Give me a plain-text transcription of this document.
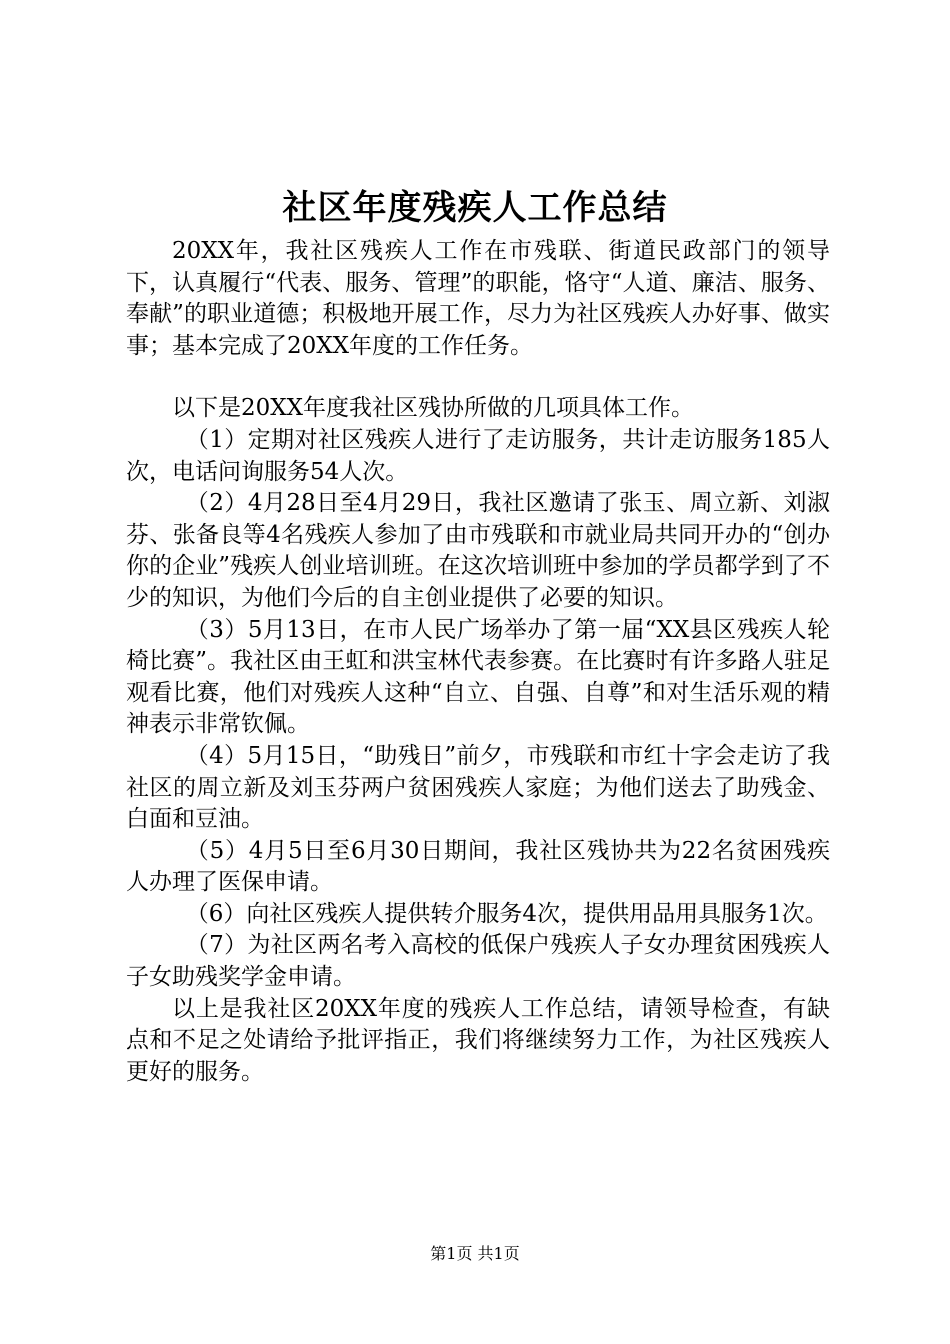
社区年度残疾人工作总结

20XX年，我社区残疾人工作在市残联、街道民政部门的领导下，认真履行“代表、服务、管理”的职能，恪守“人道、廉洁、服务、奉献”的职业道德；积极地开展工作，尽力为社区残疾人办好事、做实事；基本完成了20XX年度的工作任务。

以下是20XX年度我社区残协所做的几项具体工作。

（1）定期对社区残疾人进行了走访服务，共计走访服务185人次，电话问询服务54人次。

（2）4月28日至4月29日，我社区邀请了张玉、周立新、刘淑芬、张备良等4名残疾人参加了由市残联和市就业局共同开办的“创办你的企业”残疾人创业培训班。在这次培训班中参加的学员都学到了不少的知识，为他们今后的自主创业提供了必要的知识。

（3）5月13日，在市人民广场举办了第一届“XX县区残疾人轮椅比赛”。我社区由王虹和洪宝林代表参赛。在比赛时有许多路人驻足观看比赛，他们对残疾人这种“自立、自强、自尊”和对生活乐观的精神表示非常钦佩。

（4）5月15日，“助残日”前夕，市残联和市红十字会走访了我社区的周立新及刘玉芬两户贫困残疾人家庭；为他们送去了助残金、白面和豆油。

（5）4月5日至6月30日期间，我社区残协共为22名贫困残疾人办理了医保申请。

（6）向社区残疾人提供转介服务4次，提供用品用具服务1次。

（7）为社区两名考入高校的低保户残疾人子女办理贫困残疾人子女助残奖学金申请。

以上是我社区20XX年度的残疾人工作总结，请领导检查，有缺点和不足之处请给予批评指正，我们将继续努力工作，为社区残疾人更好的服务。

第1页 共1页
